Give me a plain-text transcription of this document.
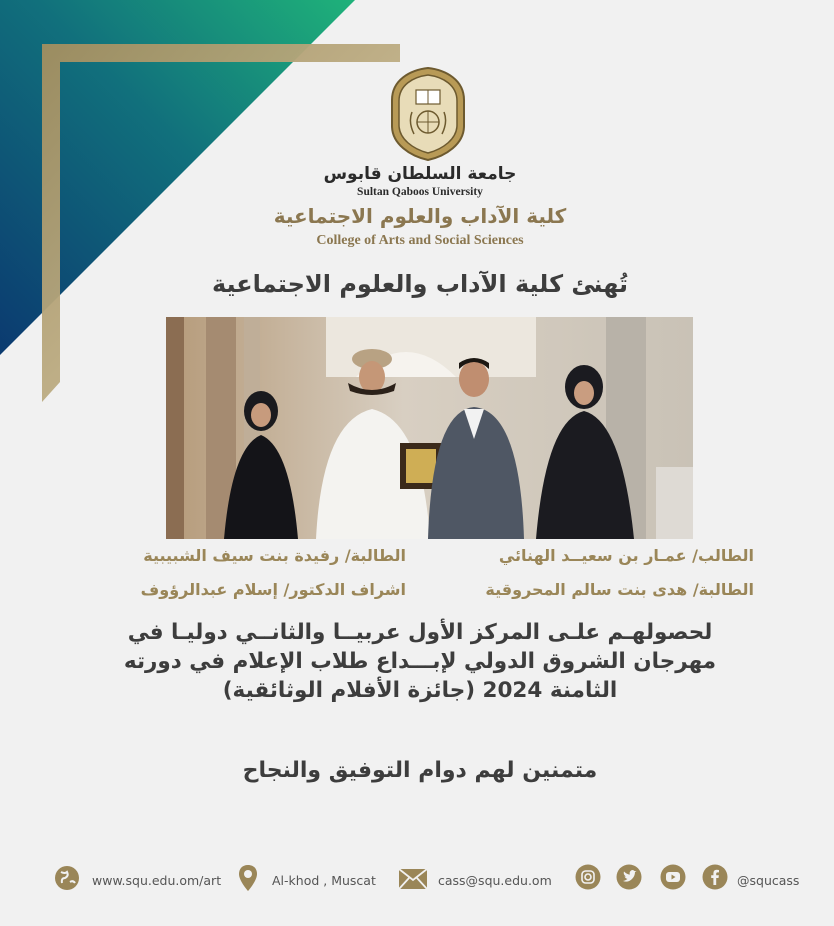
جامعة السلطان قابوس
Sultan Qaboos University
كلية الآداب والعلوم الاجتماعية
College of Arts and Social Sciences
تُهنئ كلية الآداب والعلوم الاجتماعية
الطالب/ عمـار بن سعيــد الهنائي
الطالبة/ رفيدة بنت سيف الشبيبية
الطالبة/ هدى بنت سالم المحروقية
اشراف الدكتور/ إسلام عبدالرؤوف
لحصولهـم علـى المركز الأول عربيــا والثانــي دوليـا في
مهرجان الشروق الدولي لإبـــداع طلاب الإعلام في دورته
الثامنة 2024 (جائزة الأفلام الوثائقية)
متمنين لهم دوام التوفيق والنجاح
www.squ.edu.om/art	Al-khod , Muscat	cass@squ.edu.om	@squcass
